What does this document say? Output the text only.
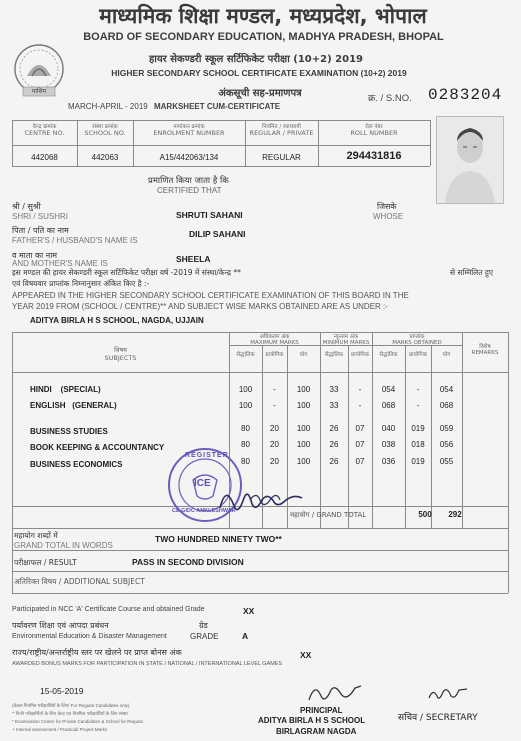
माध्यमिक शिक्षा मण्डल, मध्यप्रदेश, भोपाल
BOARD OF SECONDARY EDUCATION, MADHYA PRADESH, BHOPAL
हायर सेकण्डरी स्कूल सर्टिफिकेट परीक्षा (10+2) 2019
HIGHER SECONDARY SCHOOL CERTIFICATE EXAMINATION (10+2) 2019
अंकसूची सह-प्रमाणपत्र
MARCH-APRIL - 2019 MARKSHEET CUM-CERTIFICATE
क्र. / S.NO. 0283204
माशिम
केन्द्र क्रमांक
CENTRE NO.
संस्था क्रमांक
SCHOOL NO.
नामांकन क्रमांक
ENROLMENT NUMBER
नियमित / स्वाध्यायी
REGULAR / PRIVATE
रोल नंबर
ROLL NUMBER
442068	442063	A15/442063/134	REGULAR	294431816
प्रमाणित किया जाता है कि
CERTIFIED THAT
श्री / सुश्री
SHRI / SUSHRI	SHRUTI SAHANI
जिसके
WHOSE
पिता / पति का नाम
FATHER'S / HUSBAND'S NAME IS
DILIP SAHANI
व माता का नाम
AND MOTHER'S NAME IS	SHEELA
इस मण्डल की हायर सेकण्डरी स्कूल सर्टिफिकेट परीक्षा वर्ष -2019 में संस्था/केन्द्र **	से सम्मिलित हुए
एवं विषयवार प्राप्तांक निम्नानुसार अंकित किए है :-
APPEARED IN THE HIGHER SECONDARY SCHOOL CERTIFICATE EXAMINATION OF THIS BOARD IN THE
YEAR 2019 FROM (SCHOOL / CENTRE)** AND SUBJECT WISE MARKS OBTAINED ARE AS UNDER :-
ADITYA BIRLA H S SCHOOL, NAGDA, UJJAIN
विषय
SUBJECTS
अधिकतम अंक
MAXIMUM MARKS
न्यूनतम अंक
MINIMUM MARKS
प्राप्तांक
MARKS OBTAINED
विशेष
REMARKS
सैद्धांतिक	प्रायोगिक	योग	सैद्धांतिक	प्रायोगिक	सैद्धांतिक	प्रायोगिक	योग
HINDI    (SPECIAL)	100	-	100	33	-	054	-	054
ENGLISH   (GENERAL)	100	-	100	33	-	068	-	068
BUSINESS STUDIES	80	20	100	26	07	040	019	059
BOOK KEEPING & ACCOUNTANCY	80	20	100	26	07	038	018	056
BUSINESS ECONOMICS	80	20	100	26	07	036	019	055
महायोग / GRAND TOTAL	500	292
REGISTER
CE GIDC ANKLESHWAR
ICE
महायोग शब्दों में
GRAND TOTAL IN WORDS
TWO HUNDRED NINETY TWO**
परीक्षाफल / RESULT	PASS IN SECOND DIVISION
अतिरिक्त विषय / ADDITIONAL SUBJECT
Participated in NCC 'A' Certificate Course and obtained Grade	XX
पर्यावरण शिक्षा एवं आपदा प्रबंधन
Environmental Education & Disaster Management
ग्रेड
GRADE	A
राज्य/राष्ट्रीय/अन्तर्राष्ट्रीय स्तर पर खेलने पर प्राप्त बोनस अंक	XX
AWARDED BONUS MARKS FOR PARTICIPATION IN STATE / NATIONAL / INTERNATIONAL LEVEL GAMES
15-05-2019
(केवल नियमित परीक्षार्थियों के लिए/ For Regular Candidates only)
* निजी परीक्षार्थियों के लिए केन्द्र एवं नियमित परीक्षार्थियों के लिए संस्था
* Examination Centre for Private Candidates & School for Regular
+ Internal assessment / Practical/ Project Marks
PRINCIPAL
ADITYA BIRLA H S SCHOOL
BIRLAGRAM NAGDA
सचिव / SECRETARY
